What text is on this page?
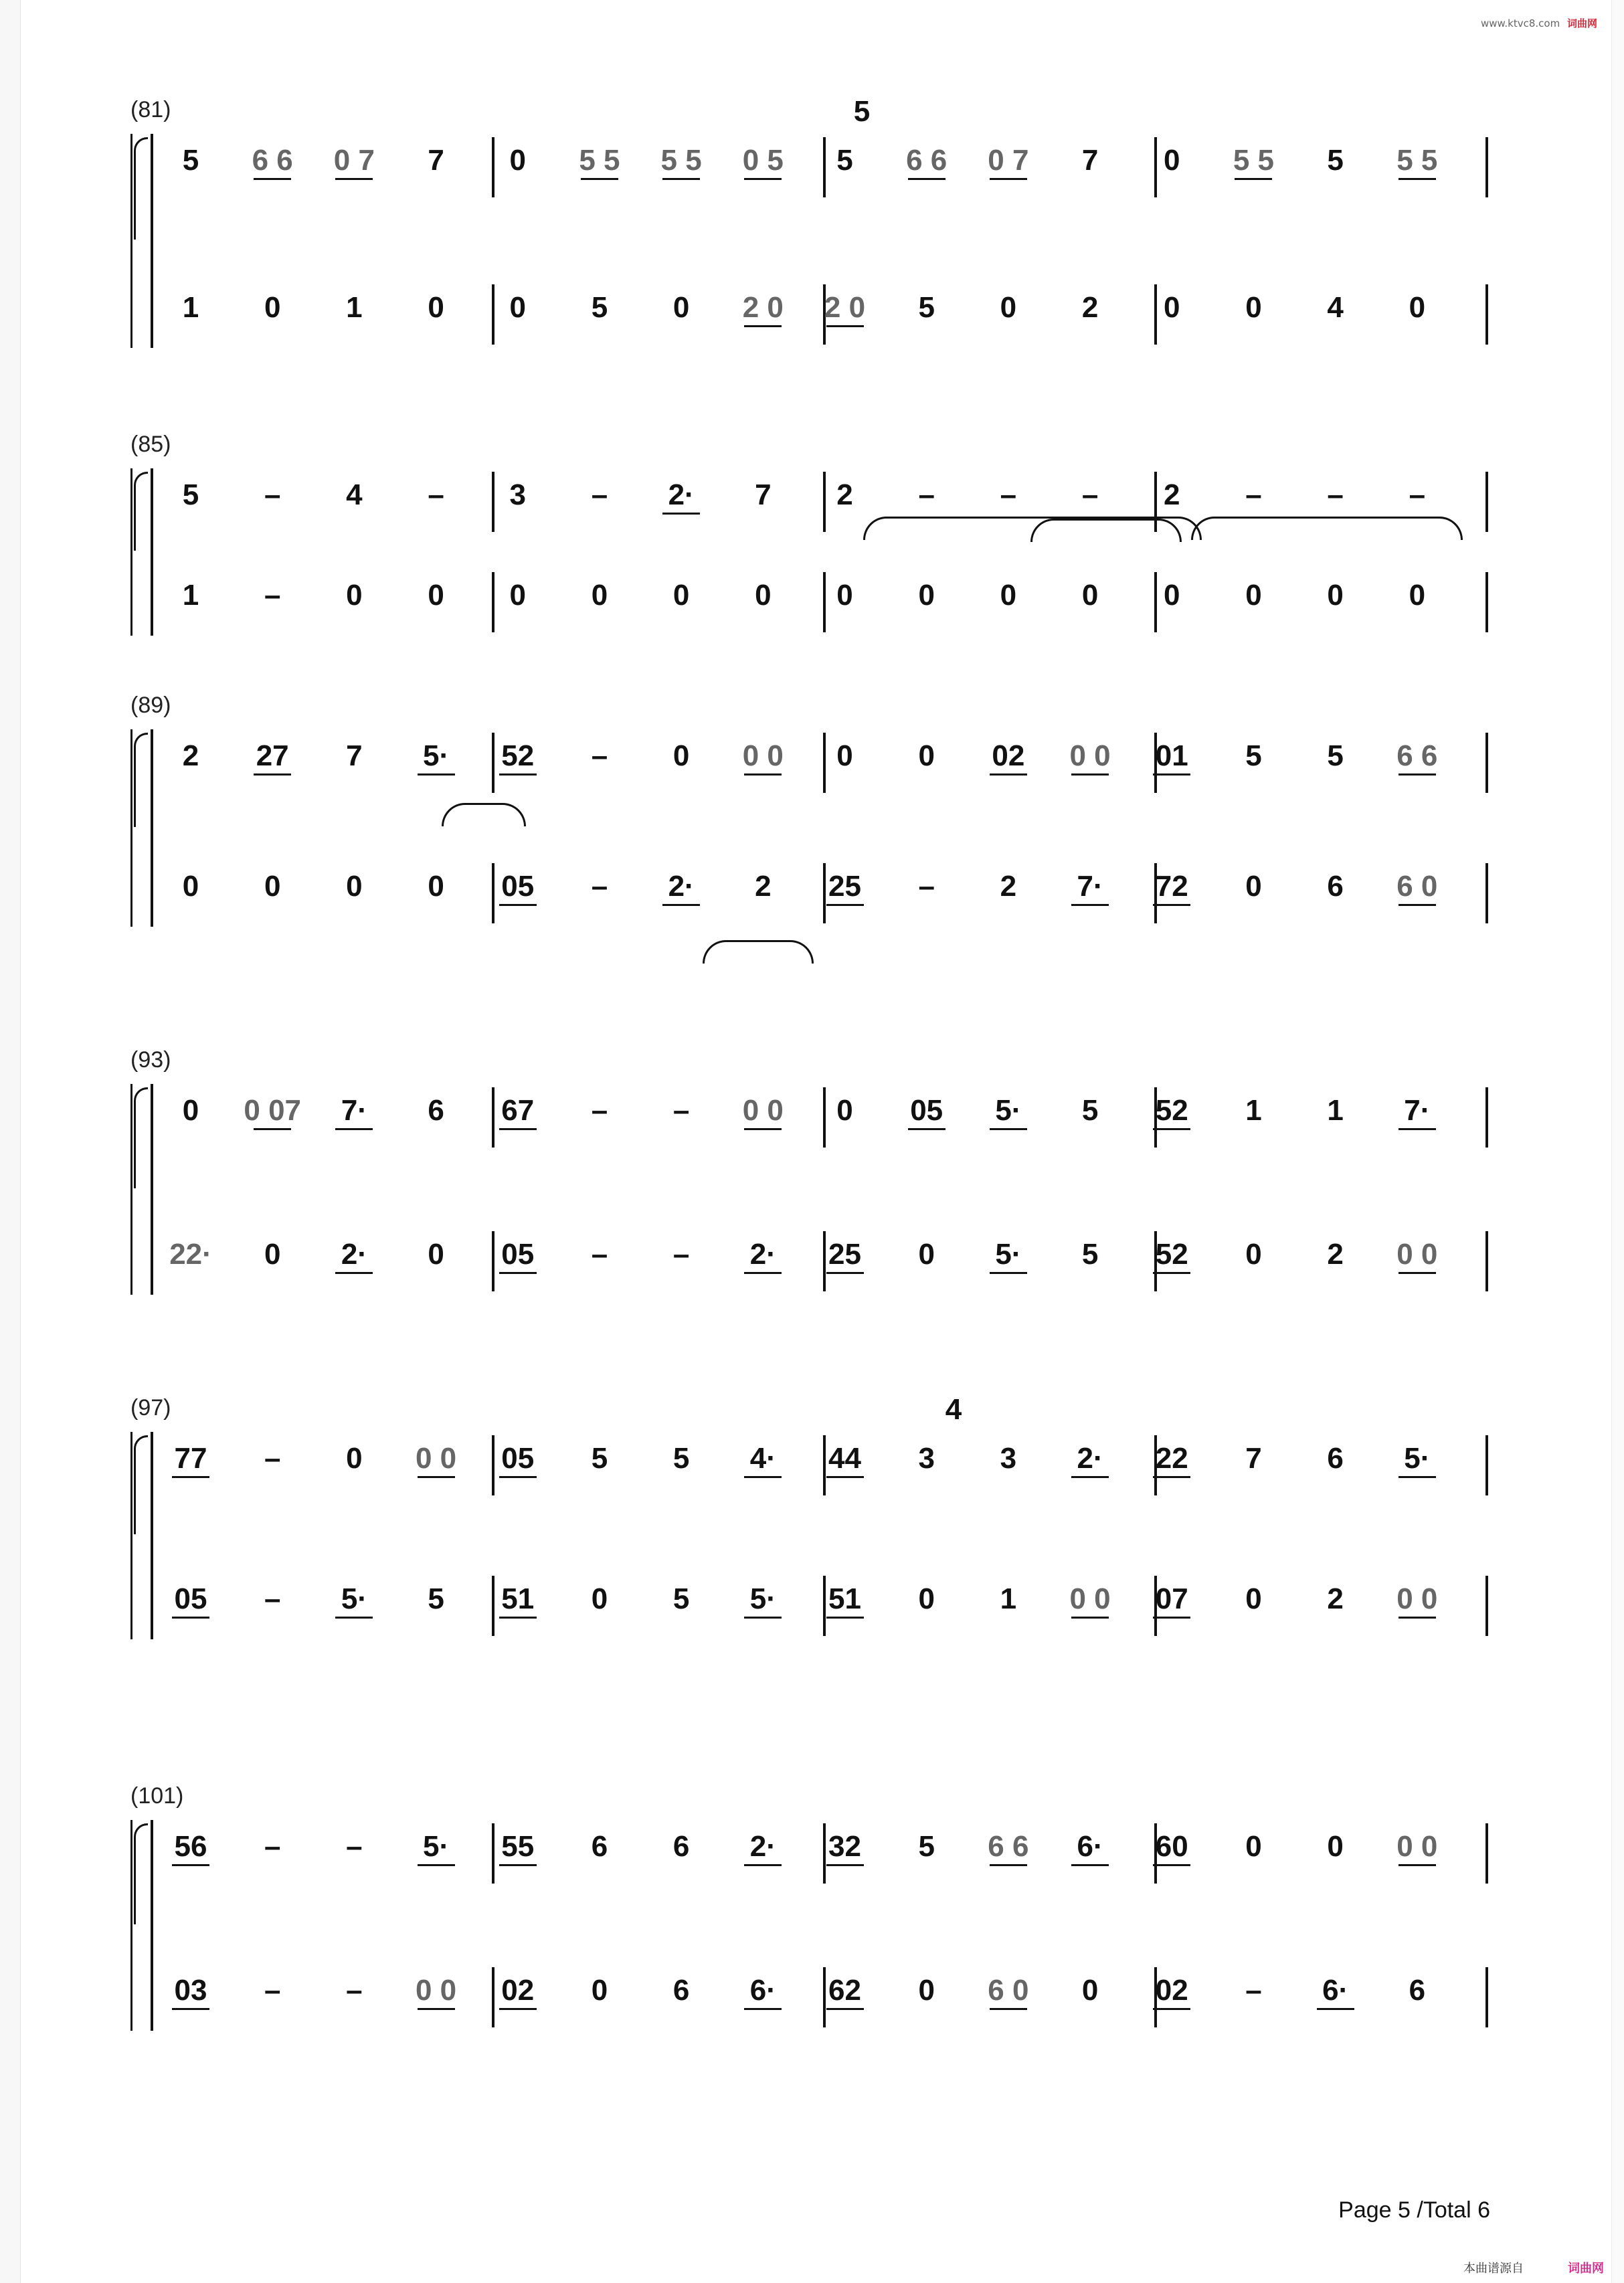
www.ktvc8.com 词曲网
(81)
5 6 6 0 7 7 0 5 5 5 5 0 5 5 6 6 0 7 7 0 5 5 5 5 5
1 0 1 0 0 5 0 2 0 2 0 5 0 2 0 0 4 0
5
(85)
5 – 4 – 3 – 2· 7 2 – – – 2 – – –
1 – 0 0 0 0 0 0 0 0 0 0 0 0 0 0
(89)
2 27 7 5· 52 – 0 0 0 0 0 02 0 0 01 5 5 6 6
0 0 0 0 05 – 2· 2 25 – 2 7· 72 0 6 6 0
(93)
0 0 07 7· 6 67 – – 0 0 0 05 5· 5 52 1 1 7·
22· 0 2· 0 05 – – 2· 25 0 5· 5 52 0 2 0 0
(97)
77 – 0 0 0 05 5 5 4· 44 3 3 2· 22 7 6 5·
05 – 5· 5 51 0 5 5· 51 0 1 0 0 07 0 2 0 0
4
(101)
56 – – 5· 55 6 6 2· 32 5 6 6 6· 60 0 0 0 0
03 – – 0 0 02 0 6 6· 62 0 6 0 0 02 – 6· 6
Page 5 /Total 6
本曲谱源自	词曲网
